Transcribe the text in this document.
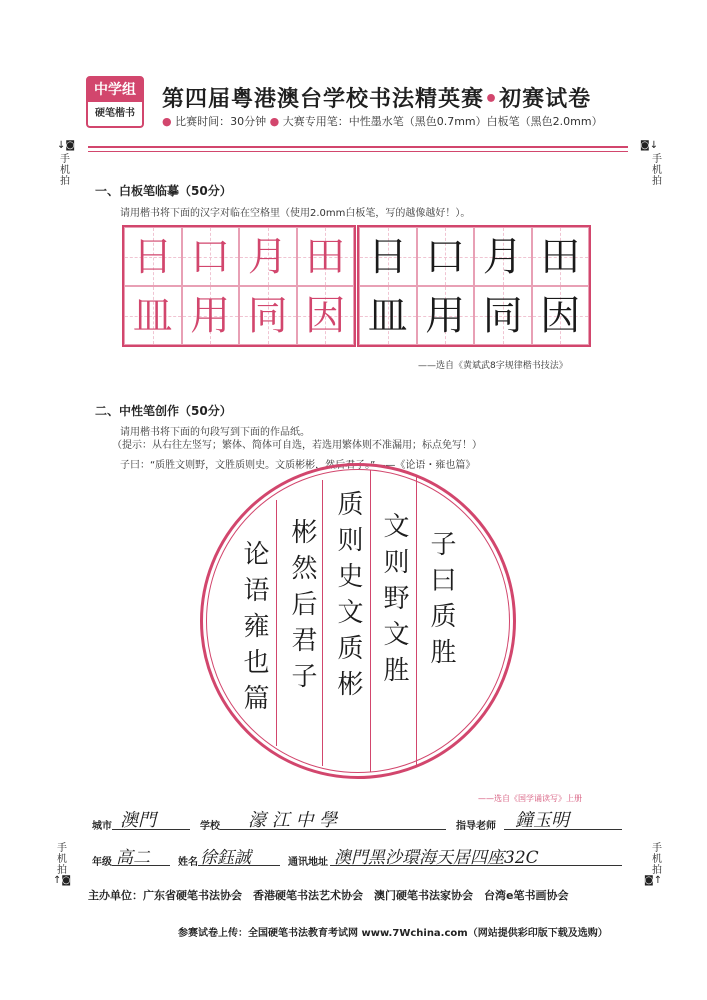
中学组
硬笔楷书
第四届粤港澳台学校书法精英赛•初赛试卷
● 比赛时间：30分钟 ● 大赛专用笔：中性墨水笔（黑色0.7mm）白板笔（黑色2.0mm）
↓◙
手机拍
◙↓
手机拍
手机拍
↑◙
手机拍
◙↑
一、白板笔临摹（50分）
请用楷书将下面的汉字对临在空格里（使用2.0mm白板笔，写的越像越好！）。
日 口 月 田
皿 用 同 因
日 口 月 田
皿 用 同 因
——选自《黄斌武8字规律楷书技法》
二、中性笔创作（50分）
请用楷书将下面的句段写到下面的作品纸。
（提示：从右往左竖写；繁体、简体可自选，若选用繁体则不准漏用；标点免写！）
子曰：“质胜文则野，文胜质则史。文质彬彬，然后君子。”——《论语・雍也篇》
子曰质胜
文则野文胜
质则史文质彬
彬然后君子
论语雍也篇
——选自《国学诵读写》上册
城市 澳門	学校 濠 江 中 學	指导老师 鐘玉明
年级 高二	姓名 徐鈺誠	通讯地址 澳門黑沙環海天居四座32C
主办单位：广东省硬笔书法协会　香港硬笔书法艺术协会　澳门硬笔书法家协会　台湾e笔书画协会
参赛试卷上传：全国硬笔书法教育考试网 www.7Wchina.com（网站提供彩印版下载及选购）
